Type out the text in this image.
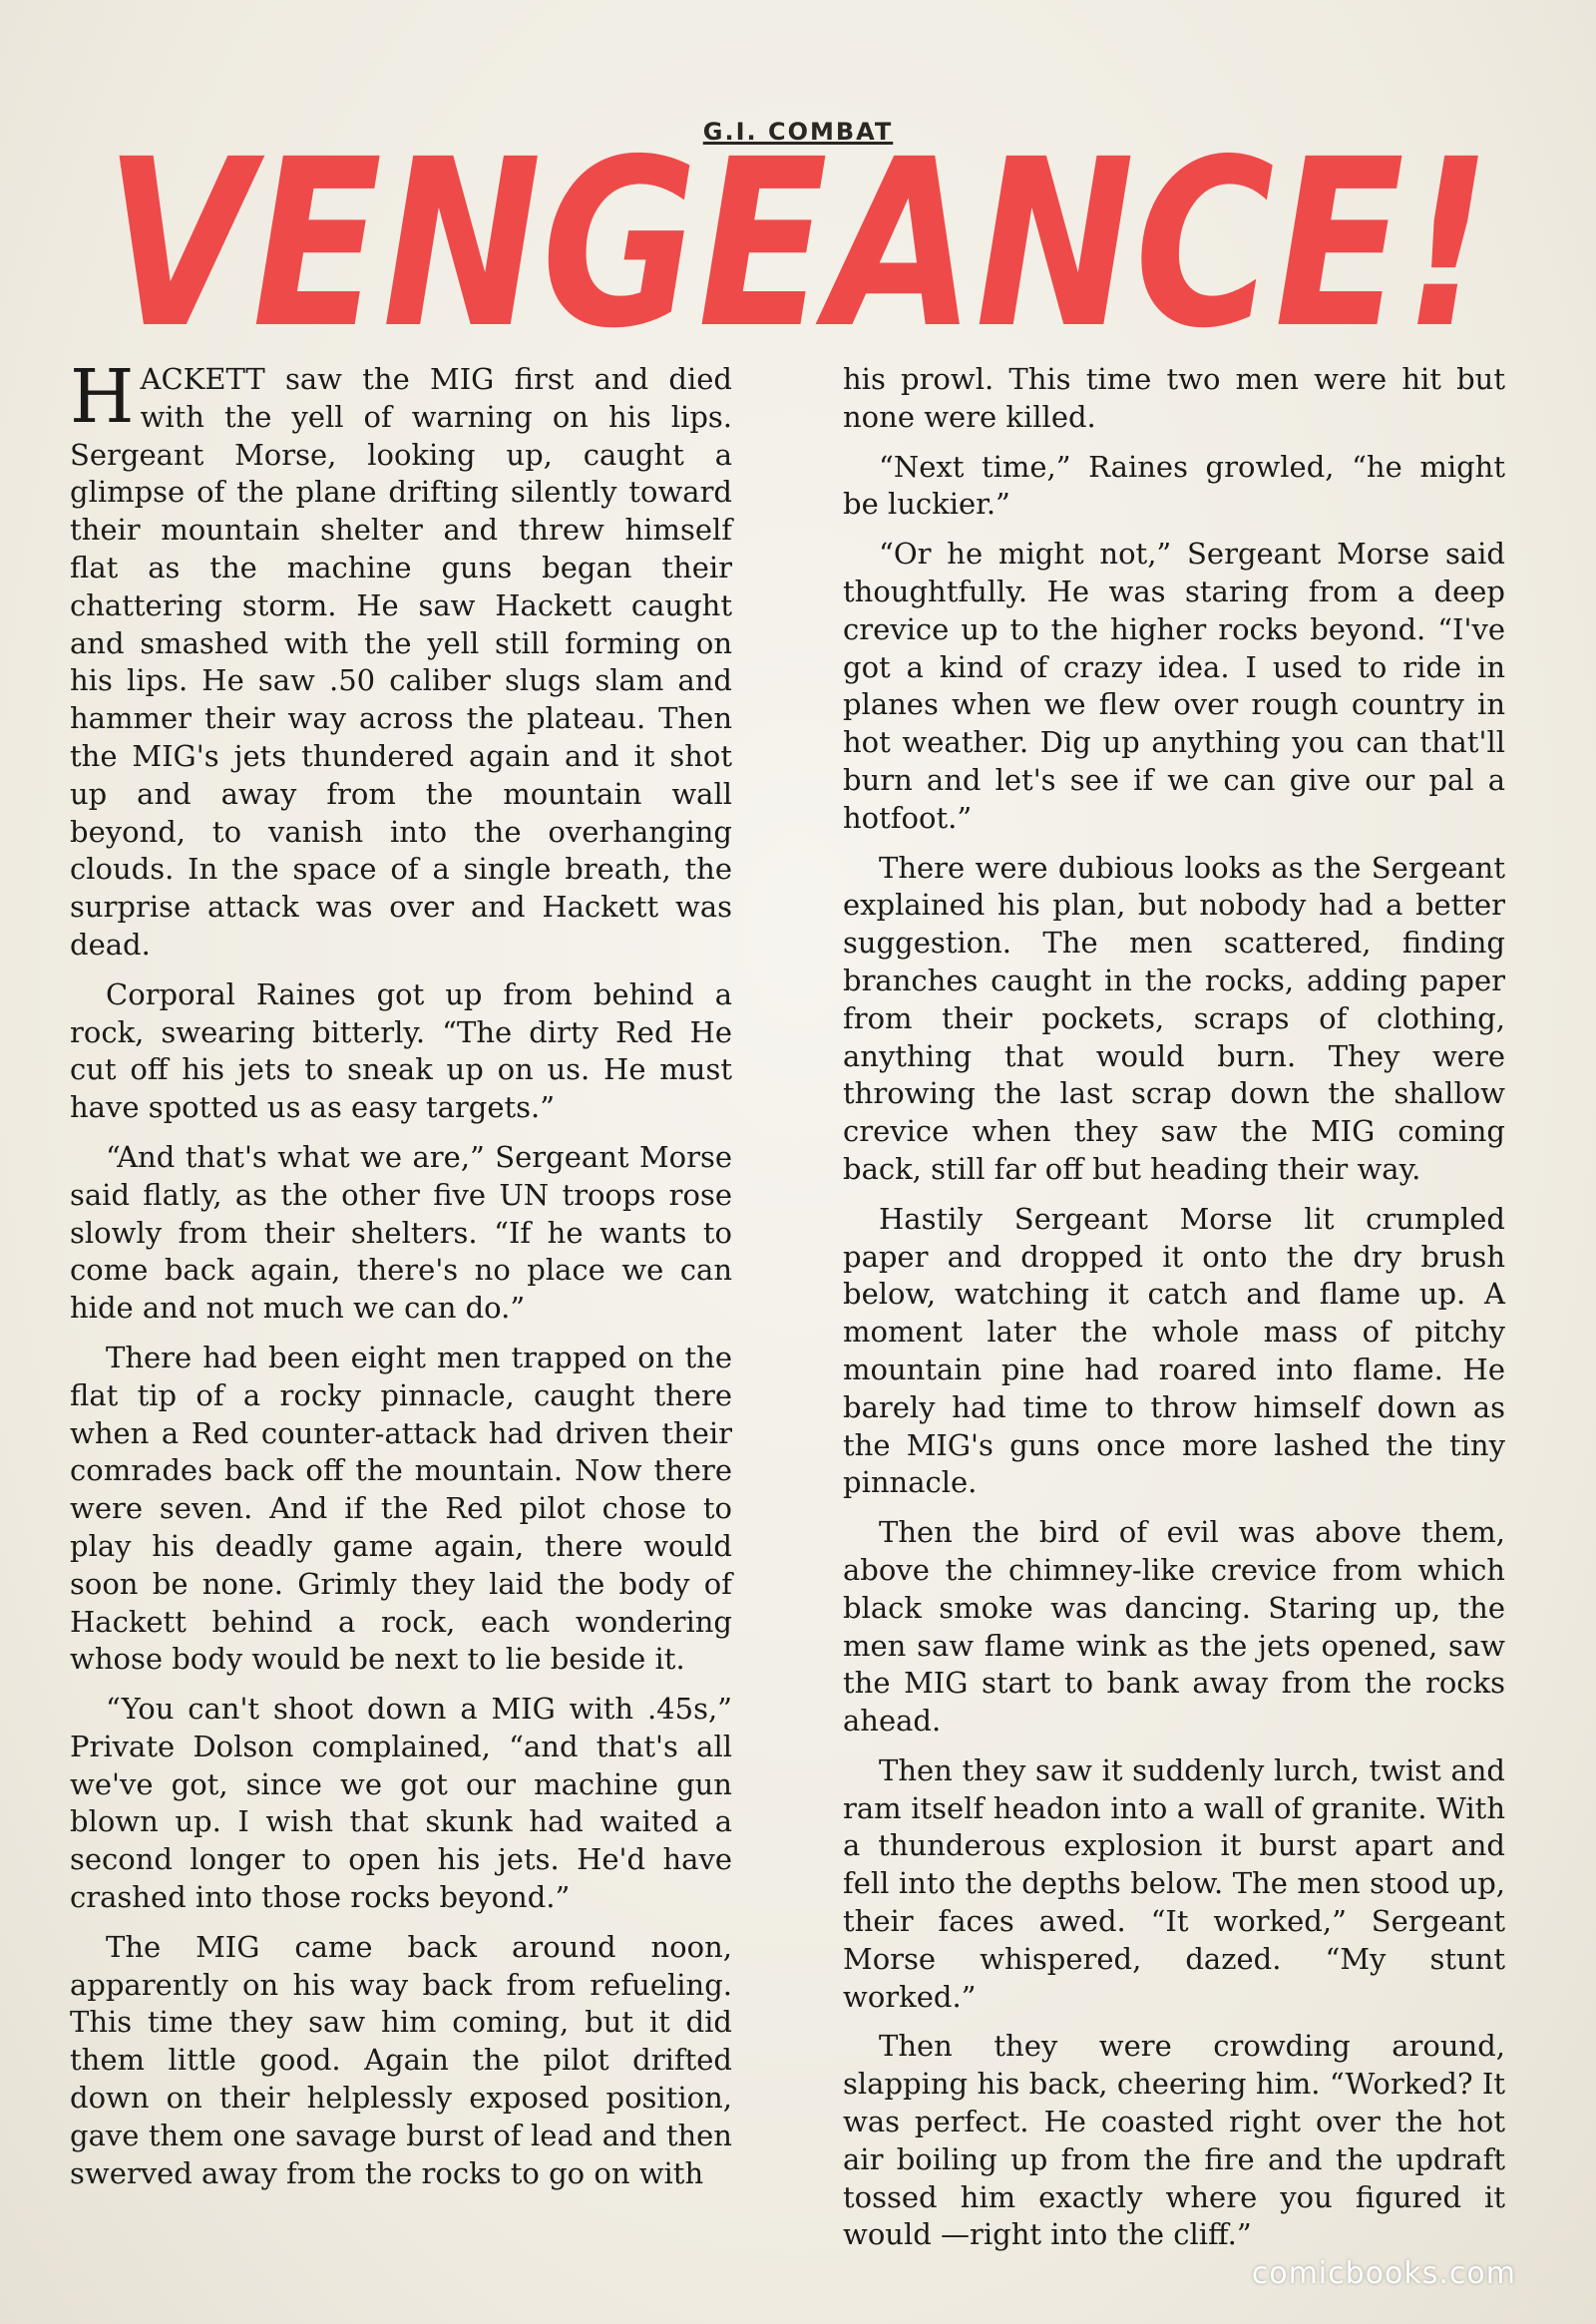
G.I. COMBAT
VENGEANCE!

HACKETT saw the MIG first and died with the yell of warning on his lips. Sergeant Morse, looking up, caught a glimpse of the plane drifting silently toward their mountain shelter and threw himself flat as the machine guns began their chattering storm. He saw Hackett caught and smashed with the yell still forming on his lips. He saw .50 caliber slugs slam and hammer their way across the plateau. Then the MIG's jets thundered again and it shot up and away from the mountain wall beyond, to vanish into the overhanging clouds. In the space of a single breath, the surprise attack was over and Hackett was dead.

Corporal Raines got up from behind a rock, swearing bitterly. “The dirty Red He cut off his jets to sneak up on us. He must have spotted us as easy targets.”

“And that's what we are,” Sergeant Morse said flatly, as the other five UN troops rose slowly from their shelters. “If he wants to come back again, there's no place we can hide and not much we can do.”

There had been eight men trapped on the flat tip of a rocky pinnacle, caught there when a Red counter-attack had driven their comrades back off the mountain. Now there were seven. And if the Red pilot chose to play his deadly game again, there would soon be none. Grimly they laid the body of Hackett behind a rock, each wondering whose body would be next to lie beside it.

“You can't shoot down a MIG with .45s,” Private Dolson complained, “and that's all we've got, since we got our machine gun blown up. I wish that skunk had waited a second longer to open his jets. He'd have crashed into those rocks beyond.”

The MIG came back around noon, apparently on his way back from refueling. This time they saw him coming, but it did them little good. Again the pilot drifted down on their helplessly exposed position, gave them one savage burst of lead and then swerved away from the rocks to go on with

his prowl. This time two men were hit but none were killed.

“Next time,” Raines growled, “he might be luckier.”

“Or he might not,” Sergeant Morse said thoughtfully. He was staring from a deep crevice up to the higher rocks beyond. “I've got a kind of crazy idea. I used to ride in planes when we flew over rough country in hot weather. Dig up anything you can that'll burn and let's see if we can give our pal a hotfoot.”

There were dubious looks as the Sergeant explained his plan, but nobody had a better suggestion. The men scattered, finding branches caught in the rocks, adding paper from their pockets, scraps of clothing, anything that would burn. They were throwing the last scrap down the shallow crevice when they saw the MIG coming back, still far off but heading their way.

Hastily Sergeant Morse lit crumpled paper and dropped it onto the dry brush below, watching it catch and flame up. A moment later the whole mass of pitchy mountain pine had roared into flame. He barely had time to throw himself down as the MIG's guns once more lashed the tiny pinnacle.

Then the bird of evil was above them, above the chimney-like crevice from which black smoke was dancing. Staring up, the men saw flame wink as the jets opened, saw the MIG start to bank away from the rocks ahead.

Then they saw it suddenly lurch, twist and ram itself headon into a wall of granite. With a thunderous explosion it burst apart and fell into the depths below. The men stood up, their faces awed. “It worked,” Sergeant Morse whispered, dazed. “My stunt worked.”

Then they were crowding around, slapping his back, cheering him. “Worked? It was perfect. He coasted right over the hot air boiling up from the fire and the updraft tossed him exactly where you figured it would —right into the cliff.”

comicbooks.com
